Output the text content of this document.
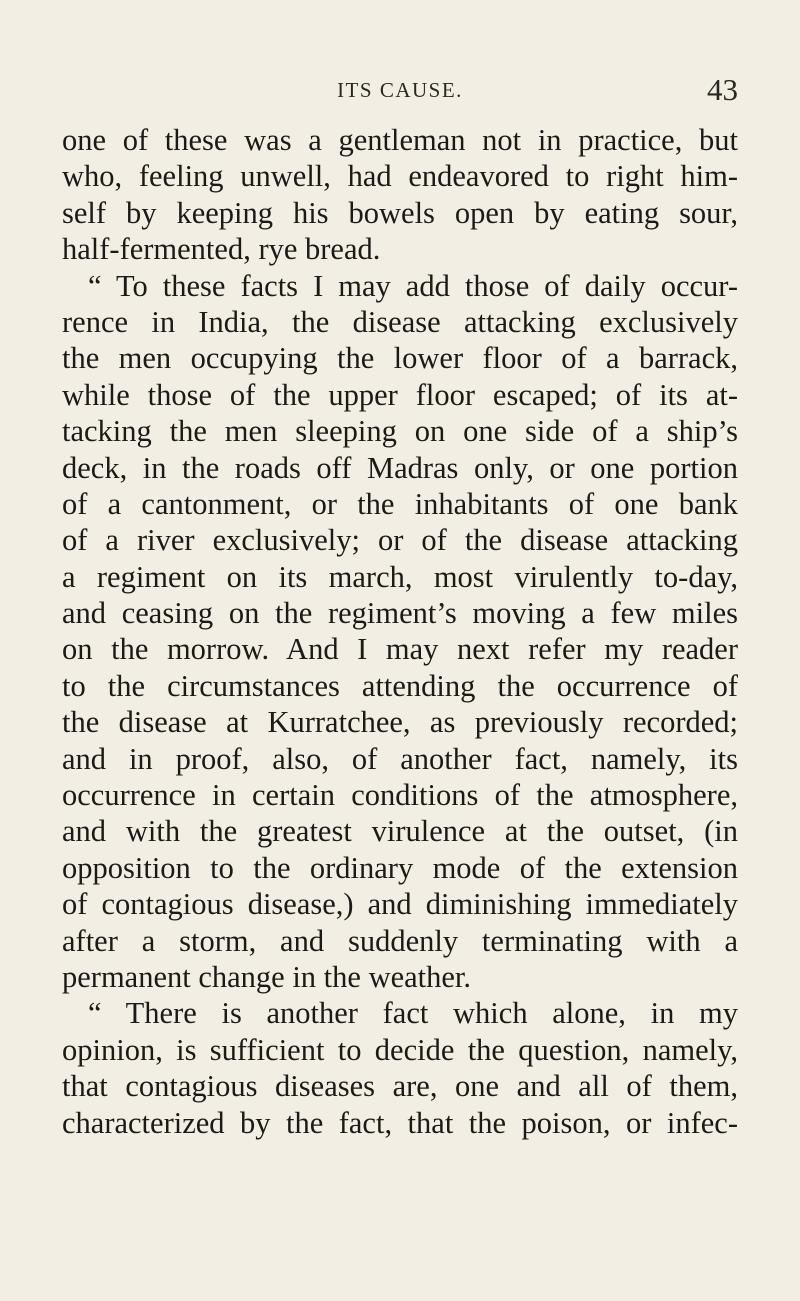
ITS CAUSE.	43
one of these was a gentleman not in practice, but
who, feeling unwell, had endeavored to right him-
self by keeping his bowels open by eating sour,
half-fermented, rye bread.
“ To these facts I may add those of daily occur-
rence in India, the disease attacking exclusively
the men occupying the lower floor of a barrack,
while those of the upper floor escaped; of its at-
tacking the men sleeping on one side of a ship’s
deck, in the roads off Madras only, or one portion
of a cantonment, or the inhabitants of one bank
of a river exclusively; or of the disease attacking
a regiment on its march, most virulently to-day,
and ceasing on the regiment’s moving a few miles
on the morrow. And I may next refer my reader
to the circumstances attending the occurrence of
the disease at Kurratchee, as previously recorded;
and in proof, also, of another fact, namely, its
occurrence in certain conditions of the atmosphere,
and with the greatest virulence at the outset, (in
opposition to the ordinary mode of the extension
of contagious disease,) and diminishing immediately
after a storm, and suddenly terminating with a
permanent change in the weather.
“ There is another fact which alone, in my
opinion, is sufficient to decide the question, namely,
that contagious diseases are, one and all of them,
characterized by the fact, that the poison, or infec-
